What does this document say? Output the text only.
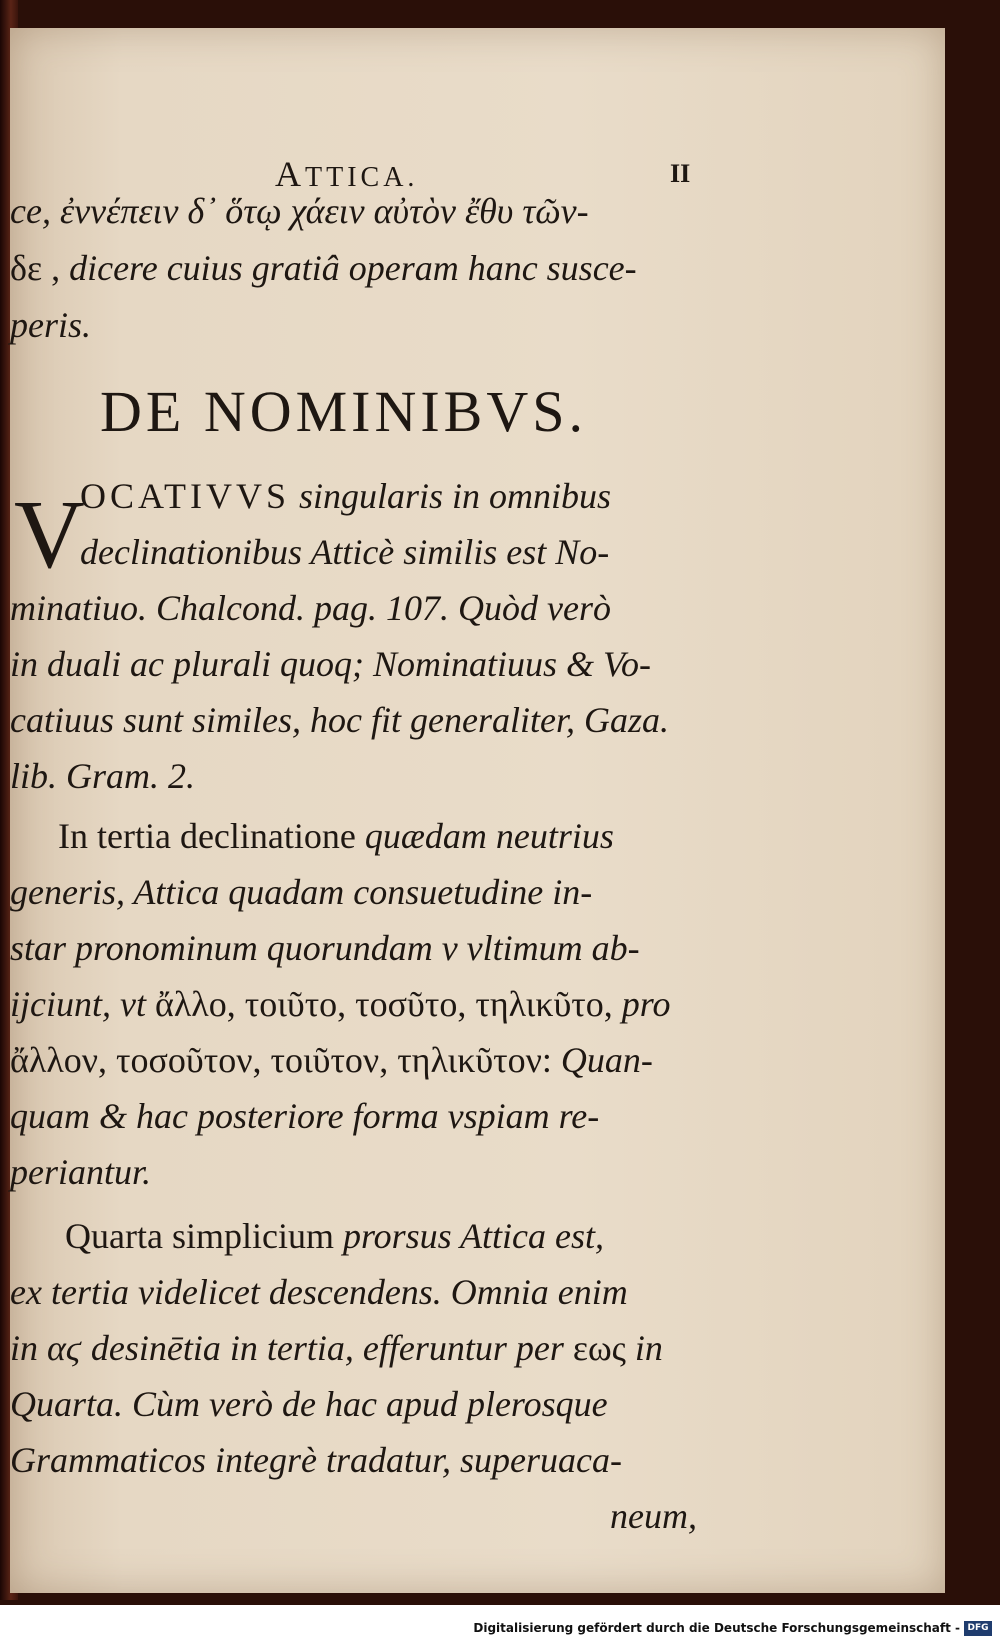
ATTICA.	II
ce, ἐννέπειν δ᾽ ὅτῳ χάειν αὐτὸν ἔθυ τῶν-
δε , dicere cuius gratiâ operam hanc susce-
peris.
DE NOMINIBVS.
V
OCATIVVS singularis in omnibus
declinationibus Atticè similis est No-
minatiuo. Chalcond. pag. 107. Quòd verò
in duali ac plurali quoq; Nominatiuus & Vo-
catiuus sunt similes, hoc fit generaliter, Gaza.
lib. Gram. 2.
In tertia declinatione quædam neutrius
generis, Attica quadam consuetudine in-
star pronominum quorundam ν vltimum ab-
ijciunt, vt ἄλλο, τοιῦτο, τοσῦτο, τηλικῦτο, pro
ἄλλον, τοσοῦτον, τοιῦτον, τηλικῦτον: Quan-
quam & hac posteriore forma vspiam re-
periantur.
Quarta simplicium prorsus Attica est,
ex tertia videlicet descendens. Omnia enim
in αϛ desinētia in tertia, efferuntur per εως in
Quarta. Cùm verò de hac apud plerosque
Grammaticos integrè tradatur, superuaca-
neum,
Digitalisierung gefördert durch die Deutsche Forschungsgemeinschaft - DFG
